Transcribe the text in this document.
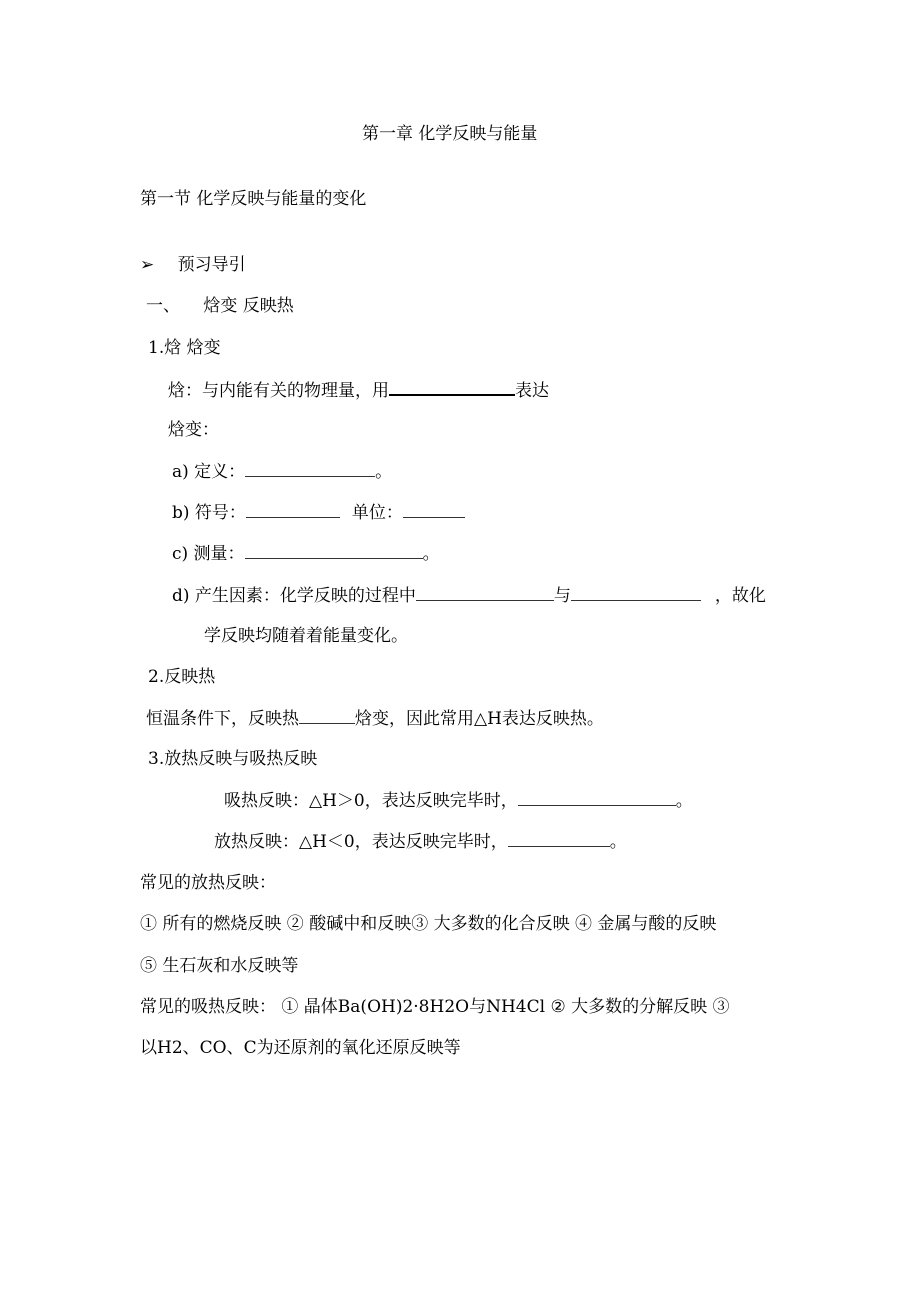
第一章 化学反映与能量
第一节 化学反映与能量的变化
➢ 预习导引
一、 焓变 反映热
1.焓 焓变
焓：与内能有关的物理量，用	表达
焓变：
a) 定义：	。
b) 符号：	单位：
c) 测量：	。
d) 产生因素：化学反映的过程中	与	，故化
学反映均随着着能量变化。
2.反映热
恒温条件下，反映热	焓变，因此常用△H表达反映热。
3.放热反映与吸热反映
吸热反映：△H＞0，表达反映完毕时，	。
放热反映：△H＜0，表达反映完毕时，	。
常见的放热反映：
① 所有的燃烧反映 ② 酸碱中和反映③ 大多数的化合反映 ④ 金属与酸的反映
⑤ 生石灰和水反映等
常见的吸热反映： ① 晶体Ba(OH)2·8H2O与NH4Cl ② 大多数的分解反映 ③
以H2、CO、C为还原剂的氧化还原反映等
